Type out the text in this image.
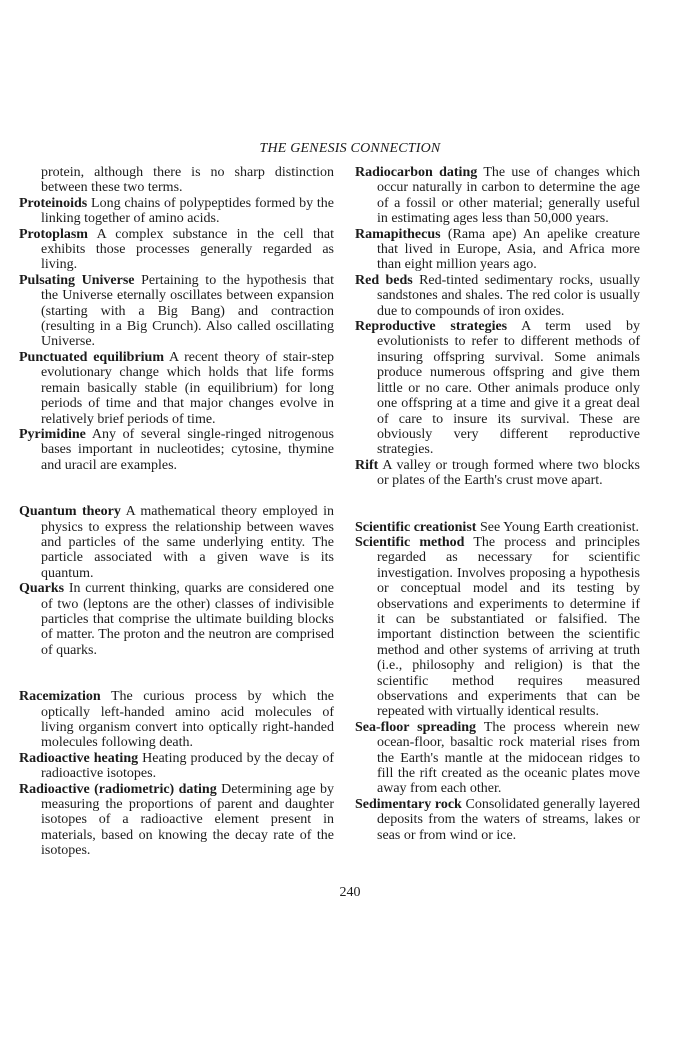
THE GENESIS CONNECTION

protein, although there is no sharp distinction between these two terms.

Proteinoids Long chains of polypeptides formed by the linking together of amino acids.

Protoplasm A complex substance in the cell that exhibits those processes generally regarded as living.

Pulsating Universe Pertaining to the hypothesis that the Universe eternally oscillates between expansion (starting with a Big Bang) and contraction (resulting in a Big Crunch). Also called oscillating Universe.

Punctuated equilibrium A recent theory of stair-step evolutionary change which holds that life forms remain basically stable (in equilibrium) for long periods of time and that major changes evolve in relatively brief periods of time.

Pyrimidine Any of several single-ringed nitrogenous bases important in nucleotides; cytosine, thymine and uracil are examples.

Quantum theory A mathematical theory employed in physics to express the relationship between waves and particles of the same underlying entity. The particle associated with a given wave is its quantum.

Quarks In current thinking, quarks are considered one of two (leptons are the other) classes of indivisible particles that comprise the ultimate building blocks of matter. The proton and the neutron are comprised of quarks.

Racemization The curious process by which the optically left-handed amino acid molecules of living organism convert into optically right-handed molecules following death.

Radioactive heating Heating produced by the decay of radioactive isotopes.

Radioactive (radiometric) dating Determining age by measuring the proportions of parent and daughter isotopes of a radioactive element present in materials, based on knowing the decay rate of the isotopes.

Radiocarbon dating The use of changes which occur naturally in carbon to determine the age of a fossil or other material; generally useful in estimating ages less than 50,000 years.

Ramapithecus (Rama ape) An apelike creature that lived in Europe, Asia, and Africa more than eight million years ago.

Red beds Red-tinted sedimentary rocks, usually sandstones and shales. The red color is usually due to compounds of iron oxides.

Reproductive strategies A term used by evolutionists to refer to different methods of insuring offspring survival. Some animals produce numerous offspring and give them little or no care. Other animals produce only one offspring at a time and give it a great deal of care to insure its survival. These are obviously very different reproductive strategies.

Rift A valley or trough formed where two blocks or plates of the Earth's crust move apart.

Scientific creationist See Young Earth creationist.

Scientific method The process and principles regarded as necessary for scientific investigation. Involves proposing a hypothesis or conceptual model and its testing by observations and experiments to determine if it can be substantiated or falsified. The important distinction between the scientific method and other systems of arriving at truth (i.e., philosophy and religion) is that the scientific method requires measured observations and experiments that can be repeated with virtually identical results.

Sea-floor spreading The process wherein new ocean-floor, basaltic rock material rises from the Earth's mantle at the midocean ridges to fill the rift created as the oceanic plates move away from each other.

Sedimentary rock Consolidated generally layered deposits from the waters of streams, lakes or seas or from wind or ice.

240
